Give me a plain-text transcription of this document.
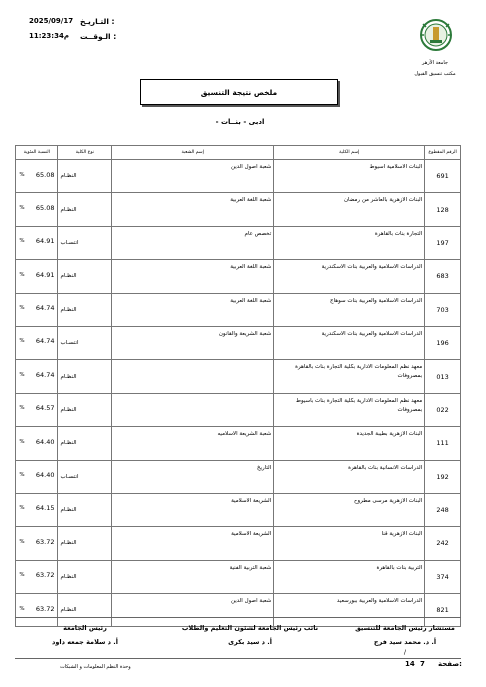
التـاريـخ :
2025/09/17
الـوقــت :
11:23:34م
جامعة الأزهر
مكتب تنسيق القبول
ملخص نتيجة التنسيق
- ادبى - بنــات
النسبة المئوية	نوع الكلية	إسم الشعبة	إسم الكلية	الرقم المقطوع

% 65.08	النظـام	شعبة اصول الدين	البنات الاسلامية اسيوط	691

% 65.08	النظـام	شعبة اللغة العربية	البنات الازهرية بالعاشر من رمضان	128

% 64.91	انتسـاب	تخصص عام	التجارة بنات بالقاهرة	197

% 64.91	النظـام	شعبة اللغة العربية	الدراسات الاسلامية والعربية بنات الاسكندرية	683

% 64.74	النظـام	شعبة اللغة العربية	الدراسات الاسلامية والعربية بنات سوهاج	703

% 64.74	انتسـاب	شعبة الشريعة والقانون	الدراسات الاسلامية والعربية بنات الاسكندرية	196

% 64.74	النظـام		معهد نظم المعلومات الادارية بكلية التجارة بنات بالقاهرة بمصروفات	013

% 64.57	النظـام		معهد نظم المعلومات الادارية بكلية التجارة بنات باسيوط بمصروفات	022

% 64.40	النظـام	شعبة الشريعة الاسلاميه	البنات الازهرية بطيبة الجديدة	111

% 64.40	انتسـاب	التاريخ	الدراسات الانسانية بنات بالقاهرة	192

% 64.15	النظـام	الشريعة الاسلامية	البنات الازهرية مرسى مطروح	248

% 63.72	النظـام	الشريعة الاسلامية	البنات الازهرية قنا	242

% 63.72	النظـام	شعبة التربية الفنية	التربية بنات بالقاهرة	374

% 63.72	النظـام	شعبة اصول الدين	الدراسات الاسلامية والعربية ببورسعيد	821
مستشار رئيس الجامعة للتنسيق
أ. د. محمد سيد فرج
/
نائب رئيس الجامعة لشئون التعليم والطلاب
أ. د سيد بكرى
رئيس الجامعة
أ. د سلامة جمعه داود
صفحة:
7
14
وحدة النظم المعلومات و الشبكات
